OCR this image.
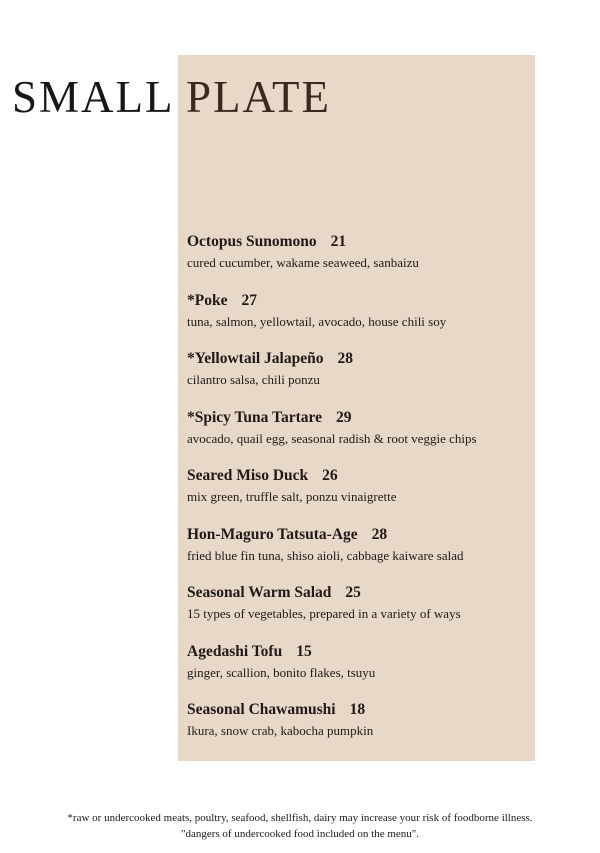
SMALL PLATE
Octopus Sunomono 21
cured cucumber, wakame seaweed, sanbaizu
*Poke 27
tuna, salmon, yellowtail, avocado, house chili soy
*Yellowtail Jalapeño 28
cilantro salsa, chili ponzu
*Spicy Tuna Tartare 29
avocado, quail egg, seasonal radish & root veggie chips
Seared Miso Duck 26
mix green, truffle salt, ponzu vinaigrette
Hon-Maguro Tatsuta-Age 28
fried blue fin tuna, shiso aioli, cabbage kaiware salad
Seasonal Warm Salad 25
15 types of vegetables, prepared in a variety of ways
Agedashi Tofu 15
ginger, scallion, bonito flakes, tsuyu
Seasonal Chawamushi 18
Ikura, snow crab, kabocha pumpkin
*raw or undercooked meats, poultry, seafood, shellfish, dairy may increase your risk of foodborne illness.
"dangers of undercooked food included on the menu".
